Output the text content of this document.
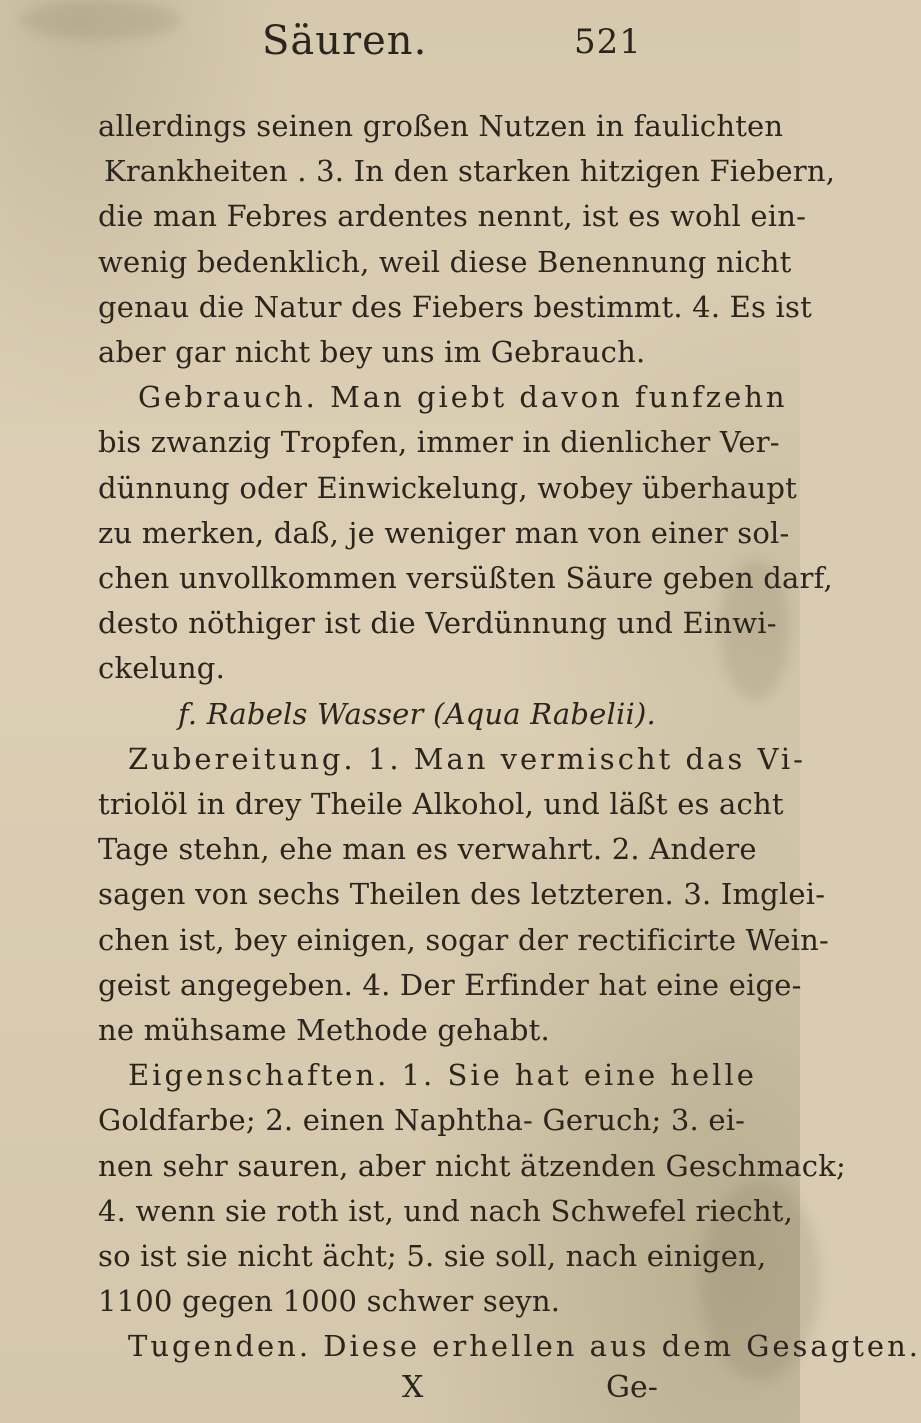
Säuren.	521
allerdings seinen großen Nutzen in faulichten
Krankheiten . 3. In den starken hitzigen Fiebern,
die man Febres ardentes nennt, ist es wohl ein-
wenig bedenklich, weil diese Benennung nicht
genau die Natur des Fiebers bestimmt. 4. Es ist
aber gar nicht bey uns im Gebrauch.
Gebrauch. Man giebt davon funfzehn
bis zwanzig Tropfen, immer in dienlicher Ver-
dünnung oder Einwickelung, wobey überhaupt
zu merken, daß, je weniger man von einer sol-
chen unvollkommen versüßten Säure geben darf,
desto nöthiger ist die Verdünnung und Einwi-
ckelung.
f. Rabels Wasser (Aqua Rabelii).
Zubereitung. 1. Man vermischt das Vi-
triolöl in drey Theile Alkohol, und läßt es acht
Tage stehn, ehe man es verwahrt. 2. Andere
sagen von sechs Theilen des letzteren. 3. Imglei-
chen ist, bey einigen, sogar der rectificirte Wein-
geist angegeben. 4. Der Erfinder hat eine eige-
ne mühsame Methode gehabt.
Eigenschaften. 1. Sie hat eine helle
Goldfarbe; 2. einen Naphtha- Geruch; 3. ei-
nen sehr sauren, aber nicht ätzenden Geschmack;
4. wenn sie roth ist, und nach Schwefel riecht,
so ist sie nicht ächt; 5. sie soll, nach einigen,
1100 gegen 1000 schwer seyn.
Tugenden. Diese erhellen aus dem Gesagten.
X	Ge-
